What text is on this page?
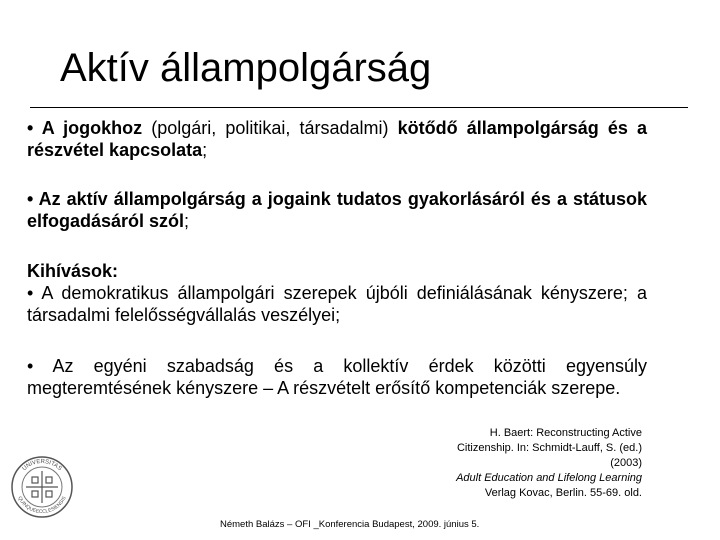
Aktív állampolgárság

• A jogokhoz (polgári, politikai, társadalmi) kötődő állampolgárság és a részvétel kapcsolata;

• Az aktív állampolgárság a jogaink tudatos gyakorlásáról és a státusok elfogadásáról szól;

Kihívások:
• A demokratikus állampolgári szerepek újbóli definiálásának kényszere; a társadalmi felelősségvállalás veszélyei;

• Az egyéni szabadság és a kollektív érdek közötti egyensúly megteremtésének kényszere – A részvételt erősítő kompetenciák szerepe.

H. Baert: Reconstructing Active
Citizenship. In: Schmidt-Lauff, S. (ed.)
(2003)
Adult Education and Lifelong Learning
Verlag Kovac, Berlin. 55-69. old.

UNIVERSITAS
QUINQUEECCLESIENSIS

Németh Balázs – OFI _Konferencia Budapest, 2009. június 5.
